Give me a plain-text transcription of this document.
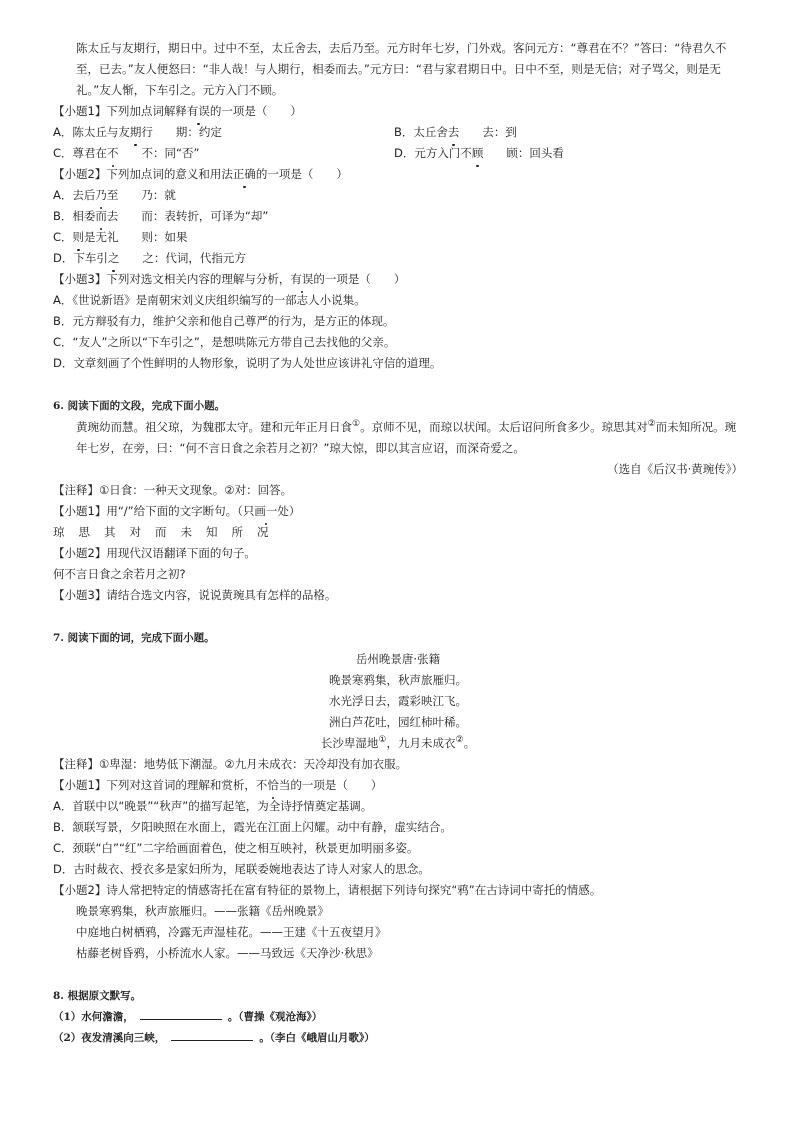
陈太丘与友期行，期日中。过中不至，太丘舍去，去后乃至。元方时年七岁，门外戏。客问元方：“尊君在不？”答曰：“待君久不至，已去。”友人便怒曰：“非人哉！与人期行，相委而去。”元方曰：“君与家君期日中。日中不至，则是无信；对子骂父，则是无礼。”友人惭，下车引之。元方入门不顾。

【小题1】下列加点词解释有误的一项是（　　）

A．陈太丘与友期行　　期：约定	B．太丘舍去　　去：到

C．尊君在不　　不：同“否”	D．元方入门不顾　　顾：回头看

【小题2】下列加点词的意义和用法正确的一项是（　　）

A．去后乃至　　乃：就

B．相委而去　　而：表转折，可译为“却”

C．则是无礼　　则：如果

D．下车引之　　之：代词，代指元方

【小题3】下列对选文相关内容的理解与分析，有误的一项是（　　）

A．《世说新语》是南朝宋刘义庆组织编写的一部志人小说集。

B．元方辩驳有力，维护父亲和他自己尊严的行为，是方正的体现。

C．“友人”之所以“下车引之”，是想哄陈元方带自己去找他的父亲。

D．文章刻画了个性鲜明的人物形象，说明了为人处世应该讲礼守信的道理。

6. 阅读下面的文段，完成下面小题。

黄琬幼而慧。祖父琼，为魏郡太守。建和元年正月日食①。京师不见，而琼以状闻。太后诏问所食多少。琼思其对②而未知所况。琬年七岁，在旁，曰：“何不言日食之余若月之初？”琼大惊，即以其言应诏，而深奇爱之。

（选自《后汉书·黄琬传》）

【注释】①日食：一种天文现象。②对：回答。

【小题1】用“/”给下面的文字断句。（只画一处）

琼 思 其 对 而 未 知 所 况

【小题2】用现代汉语翻译下面的句子。

何不言日食之余若月之初?

【小题3】请结合选文内容，说说黄琬具有怎样的品格。

7. 阅读下面的词，完成下面小题。

岳州晚景唐·张籍

晚景寒鸦集，秋声旅雁归。

水光浮日去，霞彩映江飞。

洲白芦花吐，园红柿叶稀。

长沙卑湿地①，九月未成衣②。

【注释】①卑湿：地势低下潮湿。②九月未成衣：天冷却没有加衣服。

【小题1】下列对这首词的理解和赏析，不恰当的一项是（　　）

A．首联中以“晚景”“秋声”的描写起笔，为全诗抒情奠定基调。

B．颔联写景，夕阳映照在水面上，霞光在江面上闪耀。动中有静，虚实结合。

C．颈联“白”“红”二字给画面着色，使之相互映衬，秋景更加明丽多姿。

D．古时裁衣、授衣多是家妇所为，尾联委婉地表达了诗人对家人的思念。

【小题2】诗人常把特定的情感寄托在富有特征的景物上，请根据下列诗句探究“鸦”在古诗词中寄托的情感。

晚景寒鸦集，秋声旅雁归。——张籍《岳州晚景》

中庭地白树栖鸦，冷露无声湿桂花。——王建《十五夜望月》

枯藤老树昏鸦，小桥流水人家。——马致远《天净沙·秋思》

8. 根据原文默写。

（1）水何澹澹，	。（曹操《观沧海》）

（2）夜发清溪向三峡，	。（李白《峨眉山月歌》）
